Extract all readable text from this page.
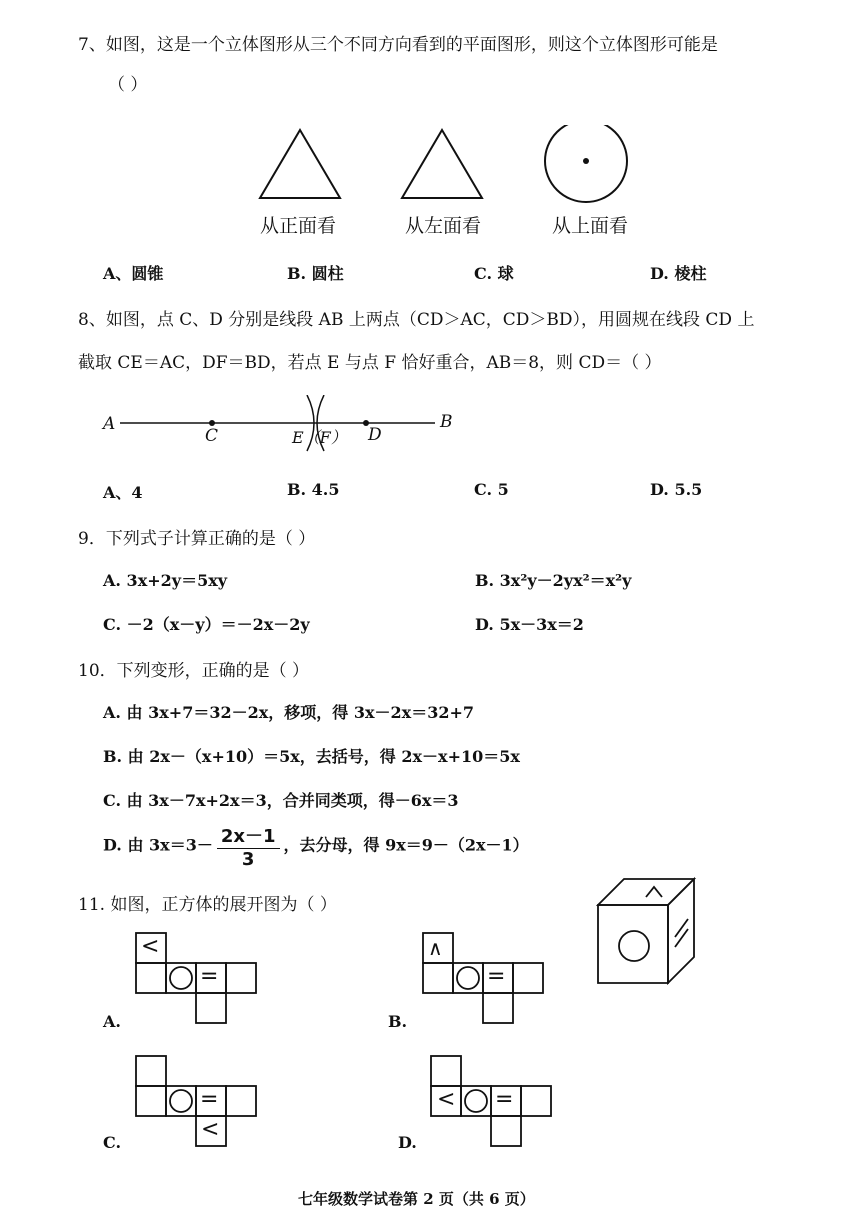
7、如图，这是一个立体图形从三个不同方向看到的平面图形，则这个立体图形可能是
（ ）
从正面看	从左面看	从上面看
A、圆锥	B. 圆柱	C. 球	D. 棱柱
8、如图，点 C、D 分别是线段 AB 上两点（CD＞AC，CD＞BD），用圆规在线段 CD 上
截取 CE＝AC，DF＝BD，若点 E 与点 F 恰好重合，AB＝8，则 CD＝（ ）
A
C	E（F） D
B
A、4	B. 4.5	C. 5	D. 5.5
9．下列式子计算正确的是（ ）
A. 3x+2y＝5xy	B. 3x²y－2yx²＝x²y
C. －2（x－y）＝－2x－2y	D. 5x－3x＝2
10．下列变形，正确的是（ ）
A. 由 3x+7＝32－2x，移项，得 3x－2x＝32+7
B. 由 2x－（x+10）＝5x，去括号，得 2x－x+10＝5x
C. 由 3x－7x+2x＝3，合并同类项，得－6x＝3
D. 由 $3x=3- \frac{2x-1}{3}$ ，去分母，得 9x＝9－（2x－1）
11. 如图，正方体的展开图为（ ）
<
=
A.
∧
=
B.
=
<
C.
< =
D.
七年级数学试卷第 2 页（共 6 页）
